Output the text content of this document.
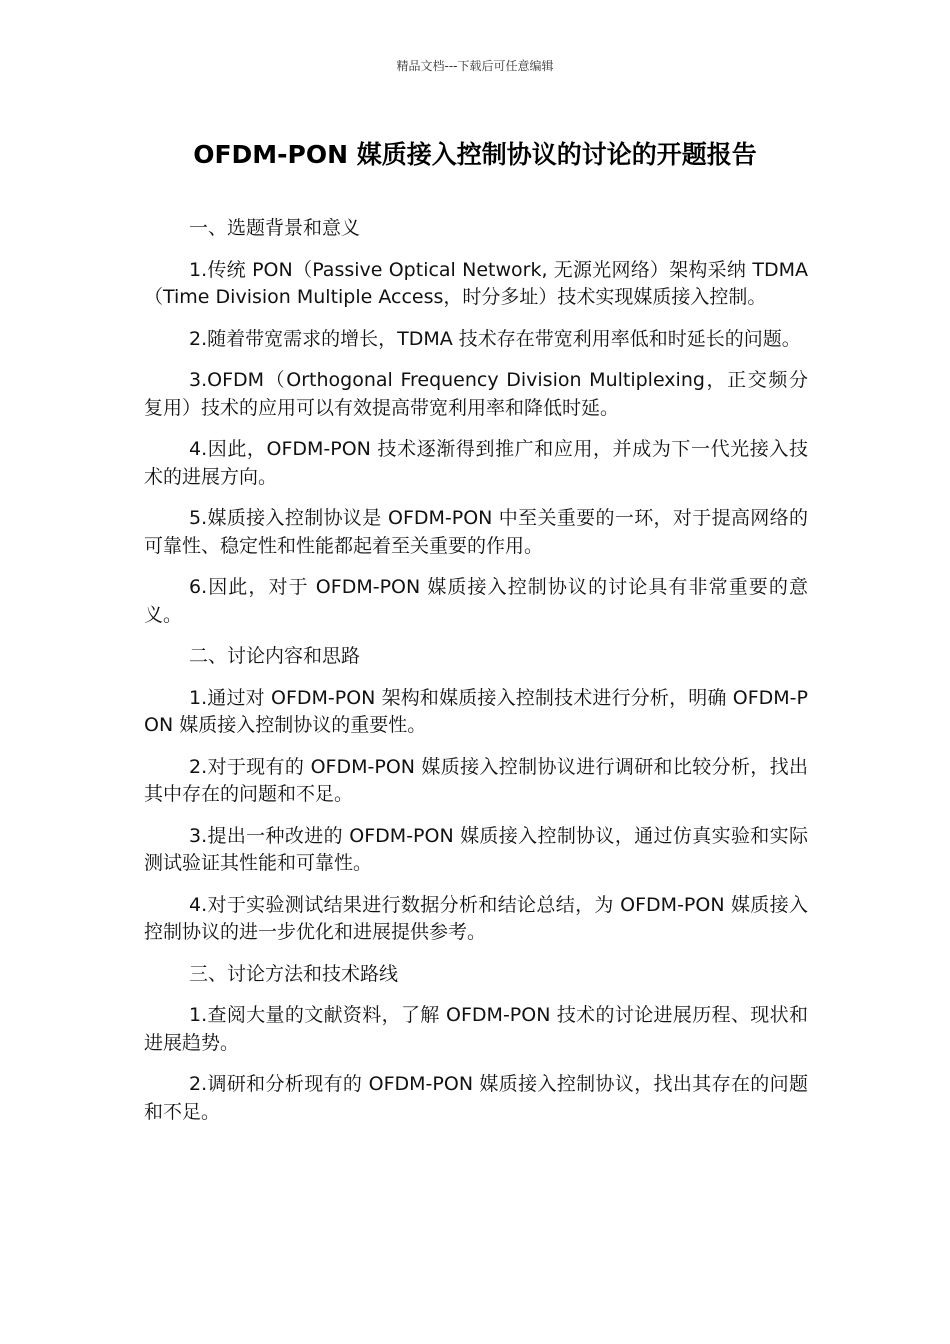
精品文档---下载后可任意编辑
OFDM-PON 媒质接入控制协议的讨论的开题报告

一、选题背景和意义

1.传统 PON（Passive Optical Network, 无源光网络）架构采纳 TDMA（Time Division Multiple Access，时分多址）技术实现媒质接入控制。

2.随着带宽需求的增长，TDMA 技术存在带宽利用率低和时延长的问题。

3.OFDM（Orthogonal Frequency Division Multiplexing，正交频分复用）技术的应用可以有效提高带宽利用率和降低时延。

4.因此，OFDM-PON 技术逐渐得到推广和应用，并成为下一代光接入技术的进展方向。

5.媒质接入控制协议是 OFDM-PON 中至关重要的一环，对于提高网络的可靠性、稳定性和性能都起着至关重要的作用。

6.因此，对于 OFDM-PON 媒质接入控制协议的讨论具有非常重要的意义。

二、讨论内容和思路

1.通过对 OFDM-PON 架构和媒质接入控制技术进行分析，明确 OFDM-PON 媒质接入控制协议的重要性。

2.对于现有的 OFDM-PON 媒质接入控制协议进行调研和比较分析，找出其中存在的问题和不足。

3.提出一种改进的 OFDM-PON 媒质接入控制协议，通过仿真实验和实际测试验证其性能和可靠性。

4.对于实验测试结果进行数据分析和结论总结，为 OFDM-PON 媒质接入控制协议的进一步优化和进展提供参考。

三、讨论方法和技术路线

1.查阅大量的文献资料，了解 OFDM-PON 技术的讨论进展历程、现状和进展趋势。

2.调研和分析现有的 OFDM-PON 媒质接入控制协议，找出其存在的问题和不足。
